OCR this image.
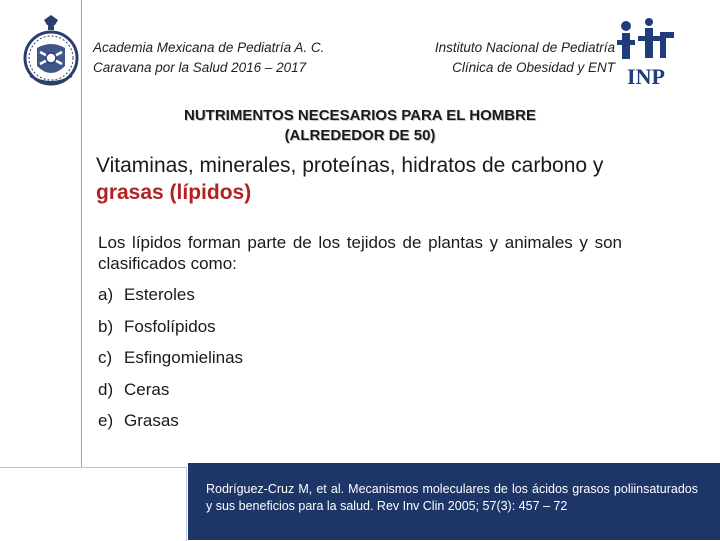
Academia Mexicana de Pediatría A. C.
Caravana por la Salud 2016 – 2017
Instituto Nacional de Pediatría
Clínica de Obesidad y ENT INP
NUTRIMENTOS NECESARIOS PARA EL HOMBRE
(ALREDEDOR DE 50)
Vitaminas, minerales, proteínas, hidratos de carbono y grasas (lípidos)
Los lípidos forman parte de los tejidos de plantas y animales y son clasificados como:
a) Esteroles
b) Fosfolípidos
c) Esfingomielinas
d) Ceras
e) Grasas
Rodríguez-Cruz M, et al. Mecanismos moleculares de los ácidos grasos poliinsaturados y sus beneficios para la salud. Rev Inv Clin 2005; 57(3): 457 – 72
